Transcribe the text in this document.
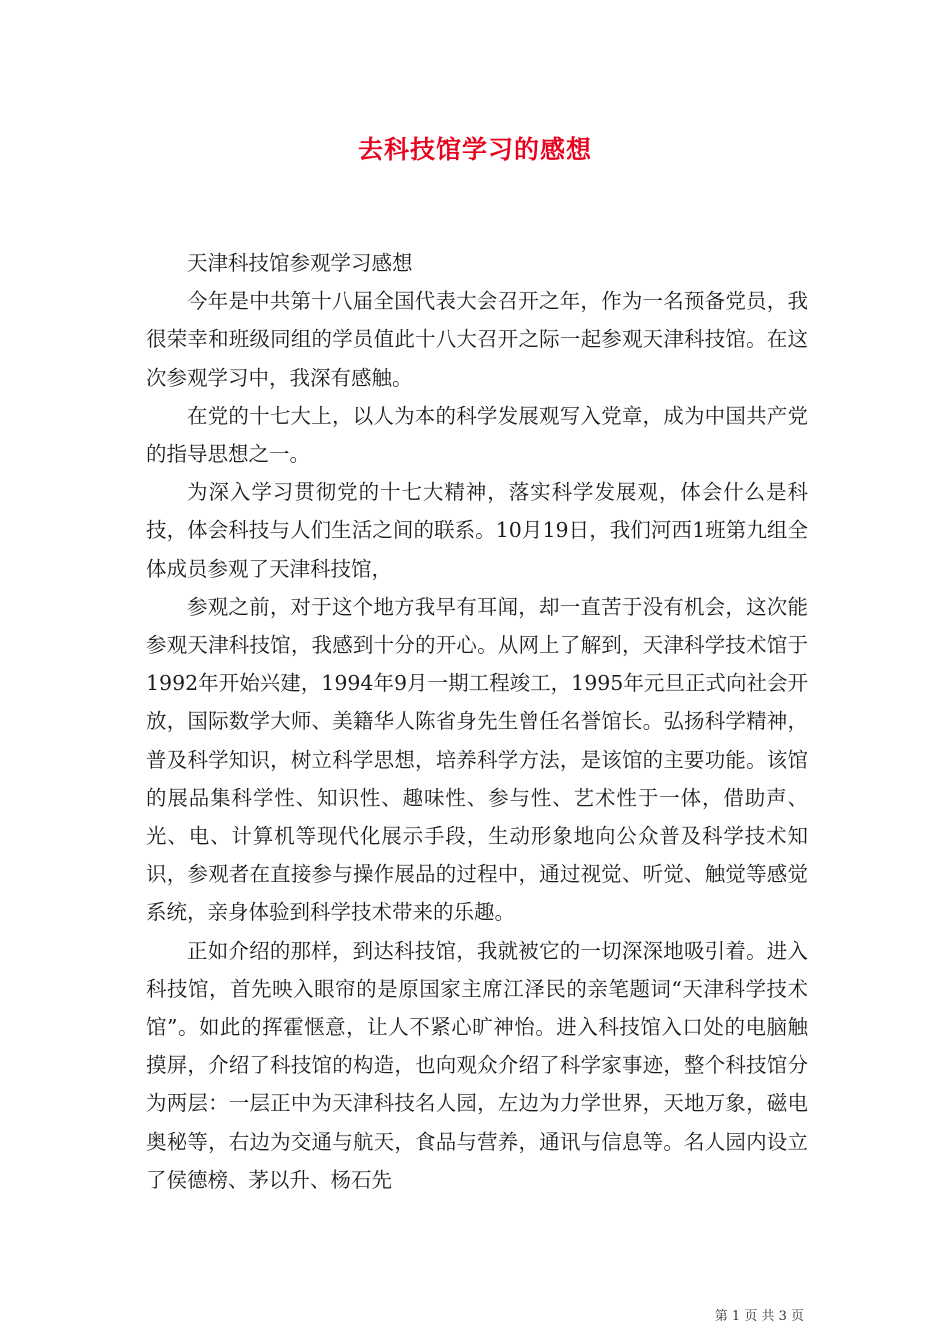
去科技馆学习的感想

天津科技馆参观学习感想

今年是中共第十八届全国代表大会召开之年，作为一名预备党员，我很荣幸和班级同组的学员值此十八大召开之际一起参观天津科技馆。在这次参观学习中，我深有感触。

在党的十七大上，以人为本的科学发展观写入党章，成为中国共产党的指导思想之一。

为深入学习贯彻党的十七大精神，落实科学发展观，体会什么是科技，体会科技与人们生活之间的联系。10月19日，我们河西1班第九组全体成员参观了天津科技馆，

参观之前，对于这个地方我早有耳闻，却一直苦于没有机会，这次能参观天津科技馆，我感到十分的开心。从网上了解到，天津科学技术馆于1992年开始兴建，1994年9月一期工程竣工，1995年元旦正式向社会开放，国际数学大师、美籍华人陈省身先生曾任名誉馆长。弘扬科学精神，普及科学知识，树立科学思想，培养科学方法，是该馆的主要功能。该馆的展品集科学性、知识性、趣味性、参与性、艺术性于一体，借助声、光、电、计算机等现代化展示手段，生动形象地向公众普及科学技术知识，参观者在直接参与操作展品的过程中，通过视觉、听觉、触觉等感觉系统，亲身体验到科学技术带来的乐趣。

正如介绍的那样，到达科技馆，我就被它的一切深深地吸引着。进入科技馆，首先映入眼帘的是原国家主席江泽民的亲笔题词“天津科学技术馆”。如此的挥霍惬意，让人不紧心旷神怡。进入科技馆入口处的电脑触摸屏，介绍了科技馆的构造，也向观众介绍了科学家事迹，整个科技馆分为两层：一层正中为天津科技名人园，左边为力学世界，天地万象，磁电奥秘等，右边为交通与航天，食品与营养，通讯与信息等。名人园内设立了侯德榜、茅以升、杨石先

第 1 页 共 3 页
